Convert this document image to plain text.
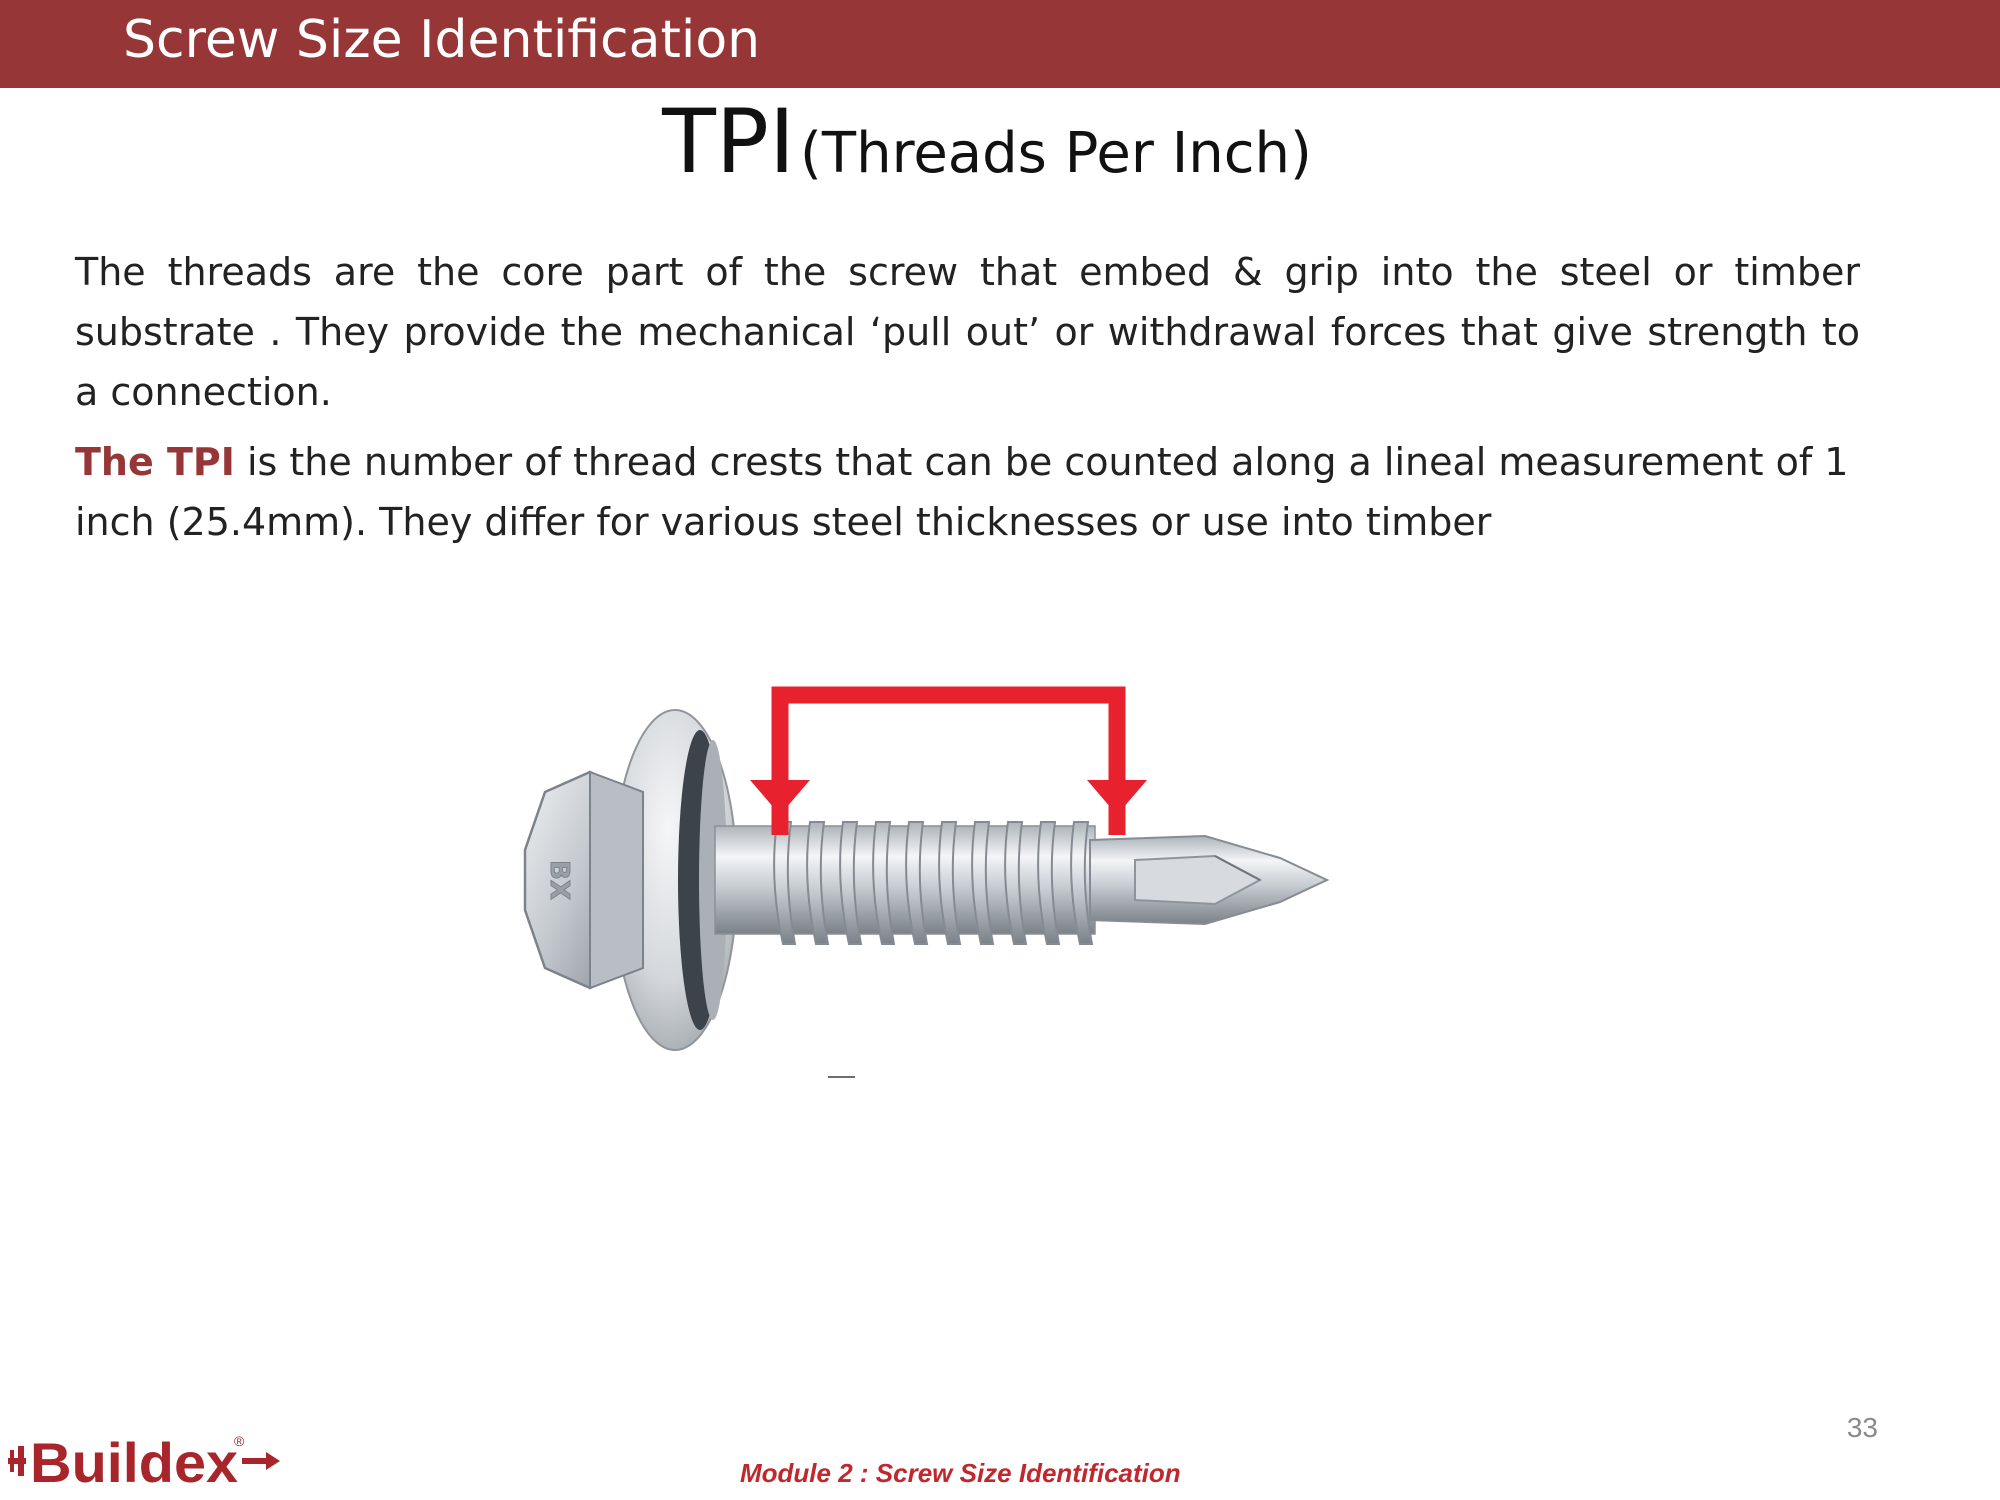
Screw Size Identification
TPI (Threads Per Inch)
The threads are the core part of the screw that embed & grip into the steel or timber substrate . They provide the mechanical ‘pull out’ or withdrawal forces that give strength to a connection.
The TPI is the number of thread crests that can be counted along a lineal measurement of 1 inch (25.4mm). They differ for various steel thicknesses or use into timber
BX
33
Module 2 : Screw Size Identification
Buildex
®
